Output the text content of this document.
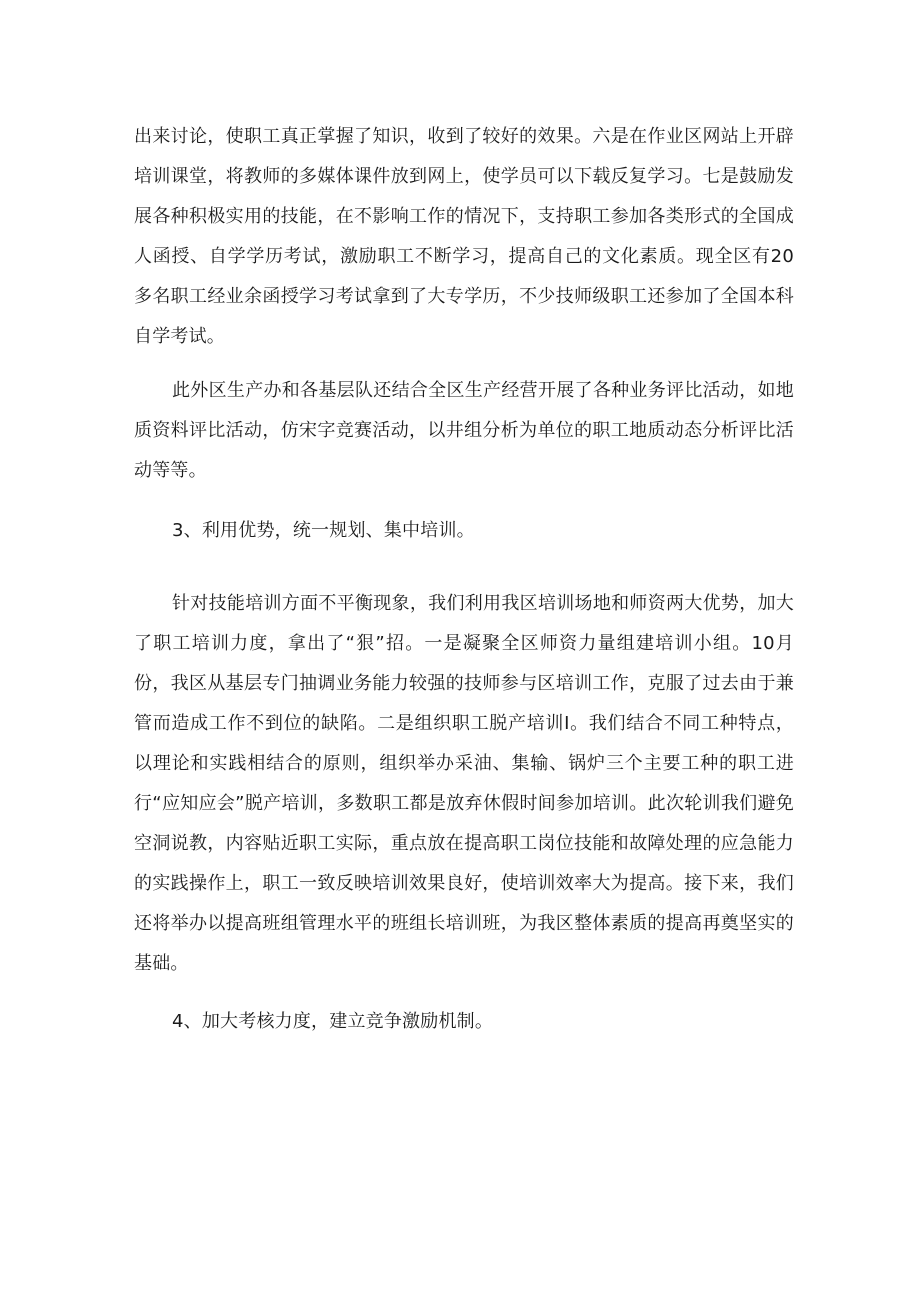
出来讨论，使职工真正掌握了知识，收到了较好的效果。六是在作业区网站上开辟培训课堂，将教师的多媒体课件放到网上，使学员可以下载反复学习。七是鼓励发展各种积极实用的技能，在不影响工作的情况下，支持职工参加各类形式的全国成人函授、自学学历考试，激励职工不断学习，提高自己的文化素质。现全区有20多名职工经业余函授学习考试拿到了大专学历，不少技师级职工还参加了全国本科自学考试。

此外区生产办和各基层队还结合全区生产经营开展了各种业务评比活动，如地质资料评比活动，仿宋字竞赛活动，以井组分析为单位的职工地质动态分析评比活动等等。

3、利用优势，统一规划、集中培训。

针对技能培训方面不平衡现象，我们利用我区培训场地和师资两大优势，加大了职工培训力度，拿出了“狠”招。一是凝聚全区师资力量组建培训小组。10月份，我区从基层专门抽调业务能力较强的技师参与区培训工作，克服了过去由于兼管而造成工作不到位的缺陷。二是组织职工脱产培训I。我们结合不同工种特点，以理论和实践相结合的原则，组织举办采油、集输、锅炉三个主要工种的职工进行“应知应会”脱产培训，多数职工都是放弃休假时间参加培训。此次轮训我们避免空洞说教，内容贴近职工实际，重点放在提高职工岗位技能和故障处理的应急能力的实践操作上，职工一致反映培训效果良好，使培训效率大为提高。接下来，我们还将举办以提高班组管理水平的班组长培训班，为我区整体素质的提高再奠坚实的基础。

4、加大考核力度，建立竞争激励机制。
